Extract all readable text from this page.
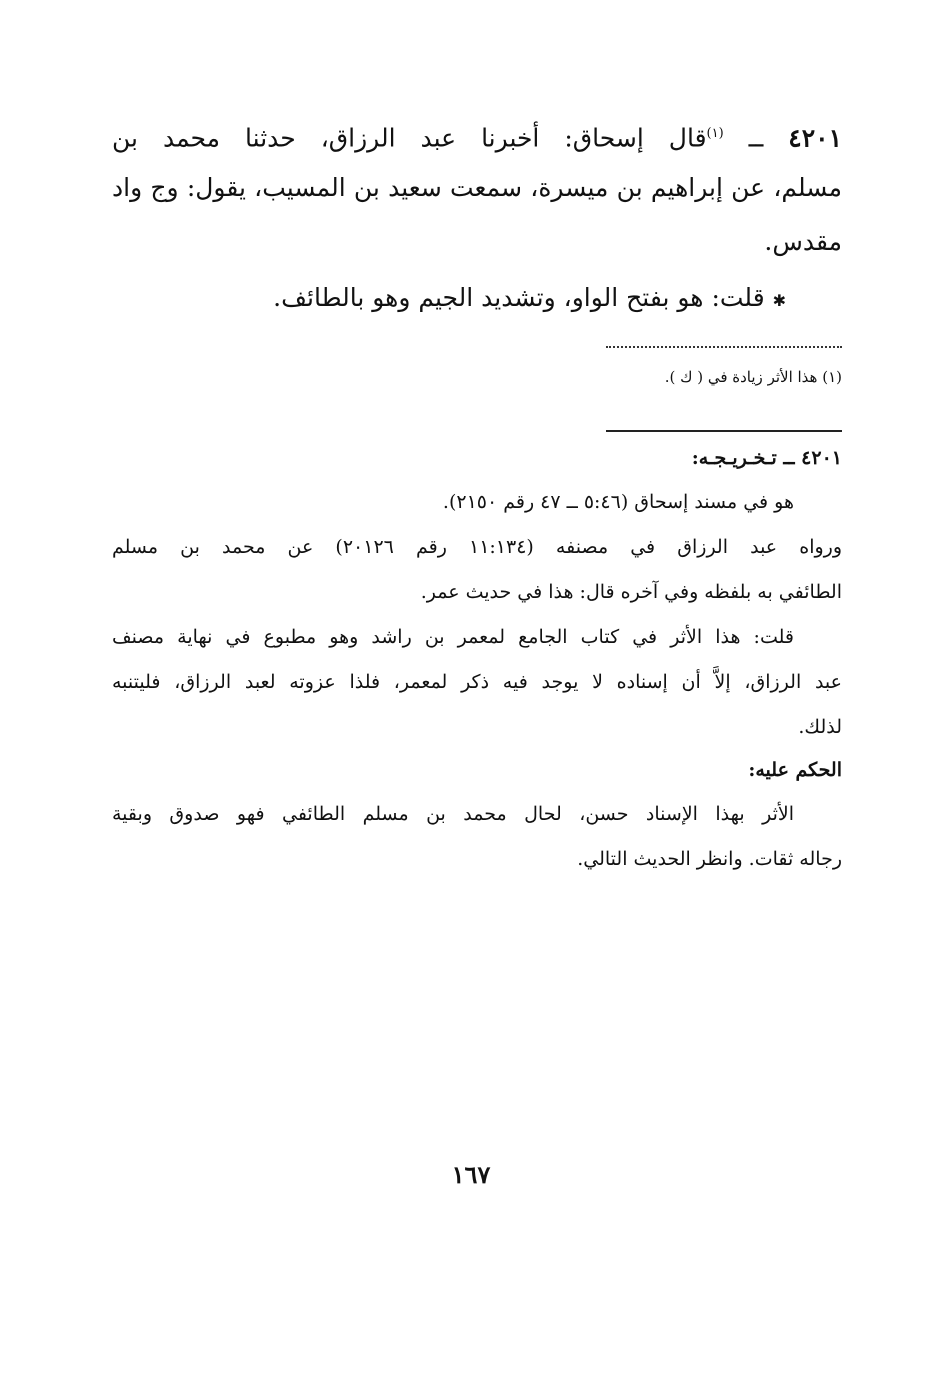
٤٢٠١ ــ $^{(١)}$قال إسحاق: أخبرنا عبد الرزاق، حدثنا محمد بن
مسلم، عن إبراهيم بن ميسرة، سمعت سعيد بن المسيب، يقول: وج واد
مقدس.
✱ قلت: هو بفتح الواو، وتشديد الجيم وهو بالطائف.
(١) هذا الأثر زيادة في ( ك ).
٤٢٠١ ــ تـخـريـجـه:
هو في مسند إسحاق (٥:٤٦ ــ ٤٧ رقم ٢١٥٠).
ورواه عبد الرزاق في مصنفه (١١:١٣٤ رقم ٢٠١٢٦) عن محمد بن مسلم
الطائفي به بلفظه وفي آخره قال: هذا في حديث عمر.
قلت: هذا الأثر في كتاب الجامع لمعمر بن راشد وهو مطبوع في نهاية مصنف
عبد الرزاق، إلاَّ أن إسناده لا يوجد فيه ذكر لمعمر، فلذا عزوته لعبد الرزاق، فليتنبه
لذلك.
الحكم عليه:
الأثر بهذا الإسناد حسن، لحال محمد بن مسلم الطائفي فهو صدوق وبقية
رجاله ثقات. وانظر الحديث التالي.
١٦٧
